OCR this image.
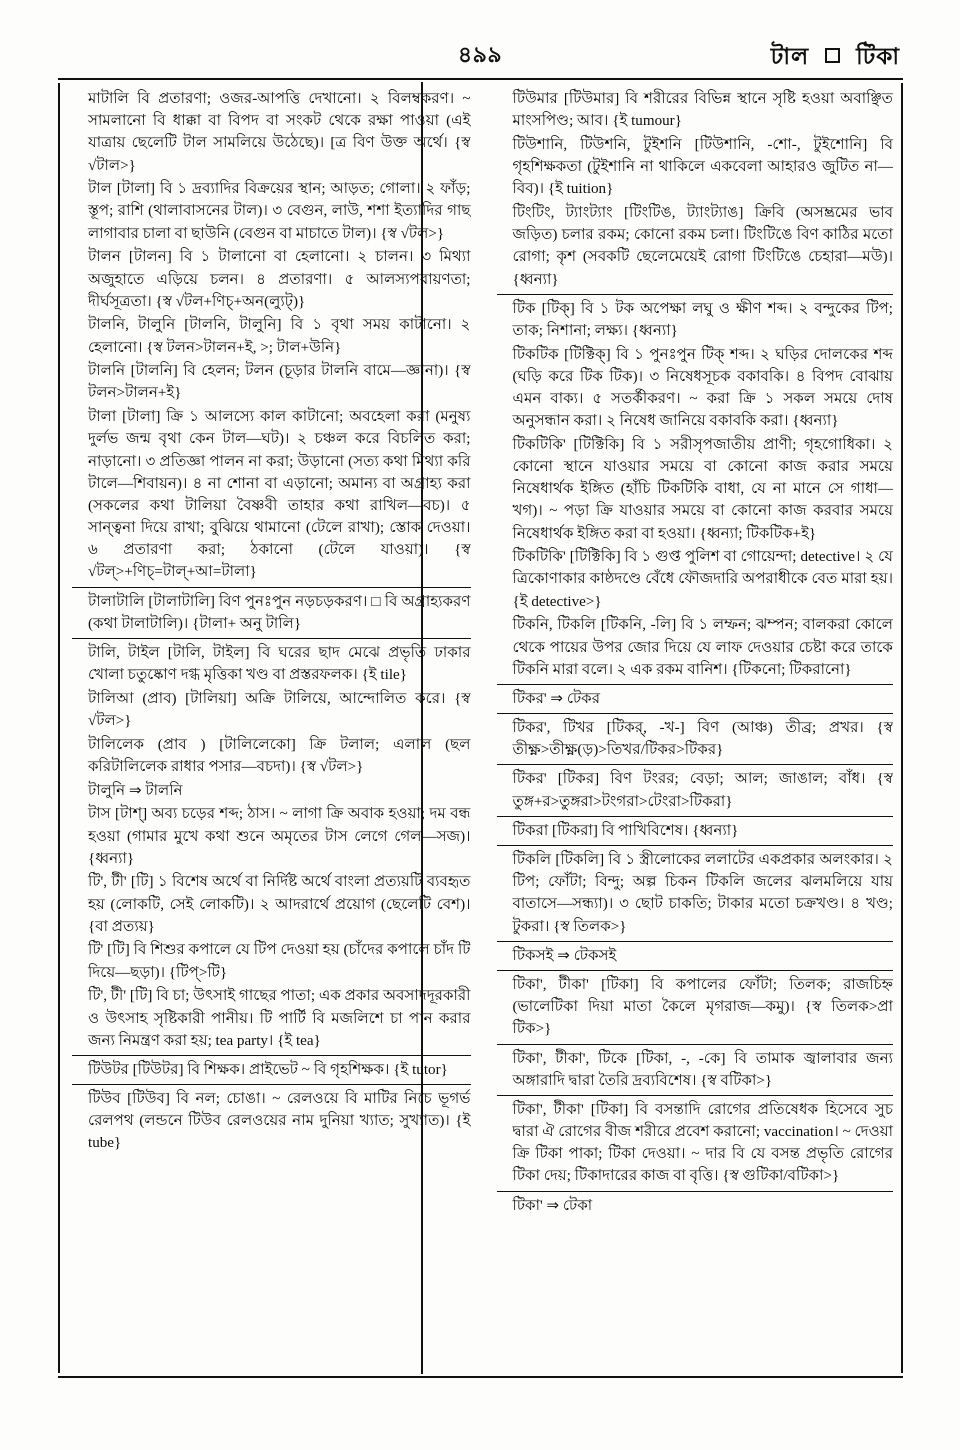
৪৯৯	টাল টিকা

মাটালি বি প্রতারণা; ওজর-আপত্তি দেখানো। ২ বিলম্বকরণ। ~ সামলানো বি ধাক্কা বা বিপদ বা সংকট থেকে রক্ষা পাওয়া (এই যাত্রায় ছেলেটি টাল সামলিয়ে উঠেছে)। [ত্র বিণ উক্ত অর্থে। {স্ব √টাল>}

টাল [টালা] বি ১ দ্রব্যাদির বিক্রয়ের স্থান; আড়ত; গোলা। ২ ফাঁড়; স্তূপ; রাশি (থালাবাসনের টাল)। ৩ বেগুন, লাউ, শশা ইত্যাদির গাছ লাগাবার চালা বা ছাউনি (বেগুন বা মাচাতে টাল)। {স্ব √টল>}

টালন [টালন] বি ১ টালানো বা হেলানো। ২ চালন। ৩ মিথ্যা অজুহাতে এড়িয়ে চলন। ৪ প্রতারণা। ৫ আলস্যপরায়ণতা; দীর্ঘসূত্রতা। {স্ব √টল+ণিচ্+অন(ল্যুট্)}

টালনি, টালুনি [টালনি, টালুনি] বি ১ বৃথা সময় কাটানো। ২ হেলানো। {স্ব টলন>টালন+ই, >; টাল+উনি}

টালনি [টালনি] বি হেলন; টলন (চূড়ার টালনি বামে—জ্ঞানা)। {স্ব টলন>টালন+ই}

টালা [টালা] ক্রি ১ আলস্যে কাল কাটানো; অবহেলা করা (মনুষ্য দুর্লভ জন্ম বৃথা কেন টাল—ঘট)। ২ চঞ্চল করে বিচলিত করা; নাড়ানো। ৩ প্রতিজ্ঞা পালন না করা; উড়ানো (সত্য কথা মিথ্যা করি টালে—শিবায়ন)। ৪ না শোনা বা এড়ানো; অমান্য বা অগ্রাহ্য করা (সকলের কথা টালিয়া বৈষ্ণবী তাহার কথা রাখিল—বচ)। ৫ সান্ত্বনা দিয়ে রাখা; বুঝিয়ে থামানো (টেলে রাখা); স্তোক দেওয়া। ৬ প্রতারণা করা; ঠকানো (টেলে যাওয়া)। {স্ব √টল্>+ণিচ্=টাল্+আ=টালা}

টালাটালি [টালাটালি] বিণ পুনঃপুন নড়চড়করণ। □ বি অগ্রাহ্যকরণ (কথা টালাটালি)। {টালা+ অনু টালি}

টালি, টাইল [টালি, টাইল] বি ঘরের ছাদ মেঝে প্রভৃতি ঢাকার খোলা চতুষ্কোণ দগ্ধ মৃত্তিকা খণ্ড বা প্রস্তরফলক। {ই tile}

টালিআ (প্রাব) [টালিয়া] অক্রি টালিয়ে, আন্দোলিত করে। {স্ব √টল>}

টালিলেক (প্রাব ) [টালিলেকো] ক্রি টলাল; এলাল (ছল করিটালিলেক রাধার পসার—বচদা)। {স্ব √টল>}

টালুনি ⇒ টালনি

টাস [টাশ্] অব্য চড়ের শব্দ; ঠাস। ~ লাগা ক্রি অবাক হওয়া; দম বন্ধ হওয়া (গামার মুখে কথা শুনে অমৃতের টাস লেগে গেল—সজ)। {ধ্বন্যা}

টি', টী' [টি] ১ বিশেষ অর্থে বা নির্দিষ্ট অর্থে বাংলা প্রত্যয়টি ব্যবহৃত হয় (লোকটি, সেই লোকটি)। ২ আদরার্থে প্রয়োগ (ছেলেটি বেশ)। {বা প্রত্যয়}

টি' [টি] বি শিশুর কপালে যে টিপ দেওয়া হয় (চাঁদের কপালে চাঁদ টি দিয়ে—ছড়া)। {টিপ্>টি}

টি', টী' [টি] বি চা; উৎসাই গাছের পাতা; এক প্রকার অবসাদদূরকারী ও উৎসাহ সৃষ্টিকারী পানীয়। টি পার্টি বি মজলিশে চা পান করার জন্য নিমন্ত্রণ করা হয়; tea party। {ই tea}

টিউটর [টিউটর] বি শিক্ষক। প্রাইভেট ~ বি গৃহশিক্ষক। {ই tutor}

টিউব [টিউব] বি নল; চোঙা। ~ রেলওয়ে বি মাটির নিচে ভূগর্ভ রেলপথ (লন্ডনে টিউব রেলওয়ের নাম দুনিয়া খ্যাত; সুখ্যাত)। {ই tube}

টিউমার [টিউমার] বি শরীরের বিভিন্ন স্থানে সৃষ্টি হওয়া অবাঞ্ছিত মাংসপিণ্ড; আব। {ই tumour}

টিউশানি, টিউশনি, টুইশনি [টিউশানি, -শো-, টুইশোনি] বি গৃহশিক্ষকতা (টুইশানি না থাকিলে একবেলা আহারও জুটিত না—বিব)। {ই tuition}

টিংটিং, ট্যাংট্যাং [টিংটিঙ, ট্যাংট্যাঙ] ক্রিবি (অসম্ভ্রমের ভাব জড়িত) চলার রকম; কোনো রকম চলা। টিংটিঙে বিণ কাঠির মতো রোগা; কৃশ (সবকটি ছেলেমেয়েই রোগা টিংটিঙে চেহারা—মউ)। {ধ্বন্যা}

টিক [টিক্] বি ১ টক অপেক্ষা লঘু ও ক্ষীণ শব্দ। ২ বন্দুকের টিপ; তাক; নিশানা; লক্ষ্য। {ধ্বন্যা}

টিকটিক [টিক্টিক্] বি ১ পুনঃপুন টিক্ শব্দ। ২ ঘড়ির দোলকের শব্দ (ঘড়ি করে টিক টিক)। ৩ নিষেধসূচক বকাবকি। ৪ বিপদ বোঝায় এমন বাক্য। ৫ সতর্কীকরণ। ~ করা ক্রি ১ সকল সময়ে দোষ অনুসন্ধান করা। ২ নিষেধ জানিয়ে বকাবকি করা। {ধ্বন্যা}

টিকটিকি' [টিক্টিকি] বি ১ সরীসৃপজাতীয় প্রাণী; গৃহগোধিকা। ২ কোনো স্থানে যাওয়ার সময়ে বা কোনো কাজ করার সময়ে নিষেধার্থক ইঙ্গিত (হাঁচি টিকটিকি বাধা, যে না মানে সে গাধা—খগ)। ~ পড়া ক্রি যাওয়ার সময়ে বা কোনো কাজ করবার সময়ে নিষেধার্থক ইঙ্গিত করা বা হওয়া। {ধ্বন্যা; টিকটিক+ই}

টিকটিকি' [টিক্টিকি] বি ১ গুপ্ত পুলিশ বা গোয়েন্দা; detective। ২ যে ত্রিকোণাকার কাষ্ঠদণ্ডে বেঁধে ফৌজদারি অপরাধীকে বেত মারা হয়। {ই detective>}

টিকনি, টিকলি [টিকনি, -লি] বি ১ লম্ফন; ঝম্পন; বালকরা কোলে থেকে পায়ের উপর জোর দিয়ে যে লাফ দেওয়ার চেষ্টা করে তাকে টিকনি মারা বলে। ২ এক রকম বানিশ। {টিকনো; টিকরানো}

টিকর' ⇒ টেকর

টিকর', টিখর [টিকর্, -খ-] বিণ (আঞ্চ) তীব্র; প্রখর। {স্ব তীক্ষ্ণ>তীক্ষ্ণ(ড়)>তিখর/টিকর>টিকর}

টিকর' [টিকর] বিণ টংরর; বেড়া; আল; জাঙাল; বাঁধ। {স্ব তুঙ্গ+র>তুঙ্গরা>টংগরা>টেংরা>টিকরা}

টিকরা [টিকরা] বি পাখিবিশেষ। {ধ্বন্যা}

টিকলি [টিকলি] বি ১ স্ত্রীলোকের ললাটের একপ্রকার অলংকার। ২ টিপ; ফোঁটা; বিন্দু; অল্প চিকন টিকলি জলের ঝলমলিয়ে যায় বাতাসে—সন্ধ্যা)। ৩ ছোট চাকতি; টাকার মতো চক্রখণ্ড। ৪ খণ্ড; টুকরা। {স্ব তিলক>}

টিকসই ⇒ টেকসই

টিকা', টীকা' [টিকা] বি কপালের ফোঁটা; তিলক; রাজচিহ্ন (ভালেটিকা দিয়া মাতা কৈলে মৃগরাজ—কমু)। {স্ব তিলক>প্রা টিক>}

টিকা', টীকা', টিকে [টিকা, -, -কে] বি তামাক জ্বালাবার জন্য অঙ্গারাদি দ্বারা তৈরি দ্রব্যবিশেষ। {স্ব বটিকা>}

টিকা', টীকা' [টিকা] বি বসন্তাদি রোগের প্রতিষেধক হিসেবে সুচ দ্বারা ঐ রোগের বীজ শরীরে প্রবেশ করানো; vaccination। ~ দেওয়া ক্রি টিকা পাকা; টিকা দেওয়া। ~ দার বি যে বসন্ত প্রভৃতি রোগের টিকা দেয়; টিকাদারের কাজ বা বৃত্তি। {স্ব গুটিকা/বটিকা>}

টিকা' ⇒ টেকা
